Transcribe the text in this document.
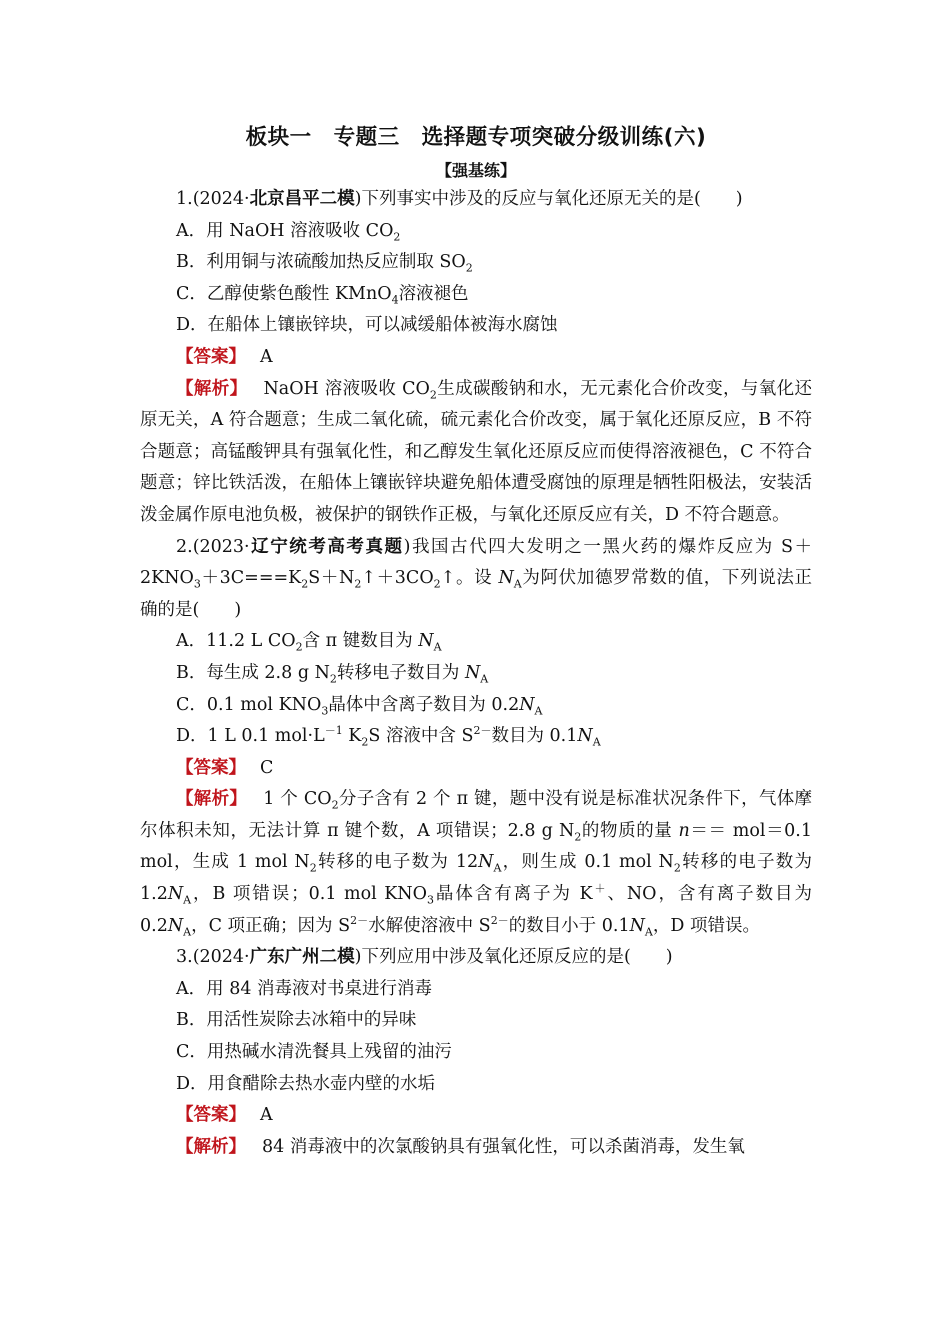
板块一　专题三　选择题专项突破分级训练(六)

【强基练】

1.(2024·北京昌平二模)下列事实中涉及的反应与氧化还原无关的是(　　)

A．用 NaOH 溶液吸收 $CO_2$

B．利用铜与浓硫酸加热反应制取 $SO_2$

C．乙醇使紫色酸性 KMnO$_4$溶液褪色

D．在船体上镶嵌锌块，可以减缓船体被海水腐蚀

【答案】 A

【解析】 NaOH 溶液吸收 $CO_2$生成碳酸钠和水，无元素化合价改变，与氧化还原无关，A 符合题意；生成二氧化硫，硫元素化合价改变，属于氧化还原反应，B 不符合题意；高锰酸钾具有强氧化性，和乙醇发生氧化还原反应而使得溶液褪色，C 不符合题意；锌比铁活泼，在船体上镶嵌锌块避免船体遭受腐蚀的原理是牺牲阳极法，安装活泼金属作原电池负极，被保护的钢铁作正极，与氧化还原反应有关，D 不符合题意。

2.(2023·辽宁统考高考真题)我国古代四大发明之一黑火药的爆炸反应为 $S+2KNO_3+3C===K_2S+N_2↑+3CO_2↑$。设 $N_A$为阿伏加德罗常数的值，下列说法正确的是(　　)

A．11.2 L $CO_2$含 π 键数目为 $N_A$

B．每生成 2.8 g $N_2$转移电子数目为 $N_A$

C．0.1 mol $KNO_3$晶体中含离子数目为 $0.2N_A$

D．1 L 0.1 $mol\cdot L^{-1}$ $K_2S$ 溶液中含 $S^{2-}$数目为 $0.1N_A$

【答案】 C

【解析】 1 个 $CO_2$分子含有 2 个 π 键，题中没有说是标准状况条件下，气体摩尔体积未知，无法计算 π 键个数，A 项错误；2.8 g $N_2$的物质的量 n＝＝ mol＝0.1 mol，生成 1 mol $N_2$转移的电子数为 $12N_A$，则生成 0.1 mol $N_2$转移的电子数为 $1.2N_A$，B 项错误；0.1 mol $KNO_3$晶体含有离子为 K＋、NO，含有离子数目为 $0.2N_A$，C 项正确；因为 $S^{2-}$水解使溶液中 $S^{2-}$的数目小于 $0.1N_A$，D 项错误。

3.(2024·广东广州二模)下列应用中涉及氧化还原反应的是(　　)

A．用 84 消毒液对书桌进行消毒

B．用活性炭除去冰箱中的异味

C．用热碱水清洗餐具上残留的油污

D．用食醋除去热水壶内壁的水垢

【答案】 A

【解析】 84 消毒液中的次氯酸钠具有强氧化性，可以杀菌消毒，发生氧
